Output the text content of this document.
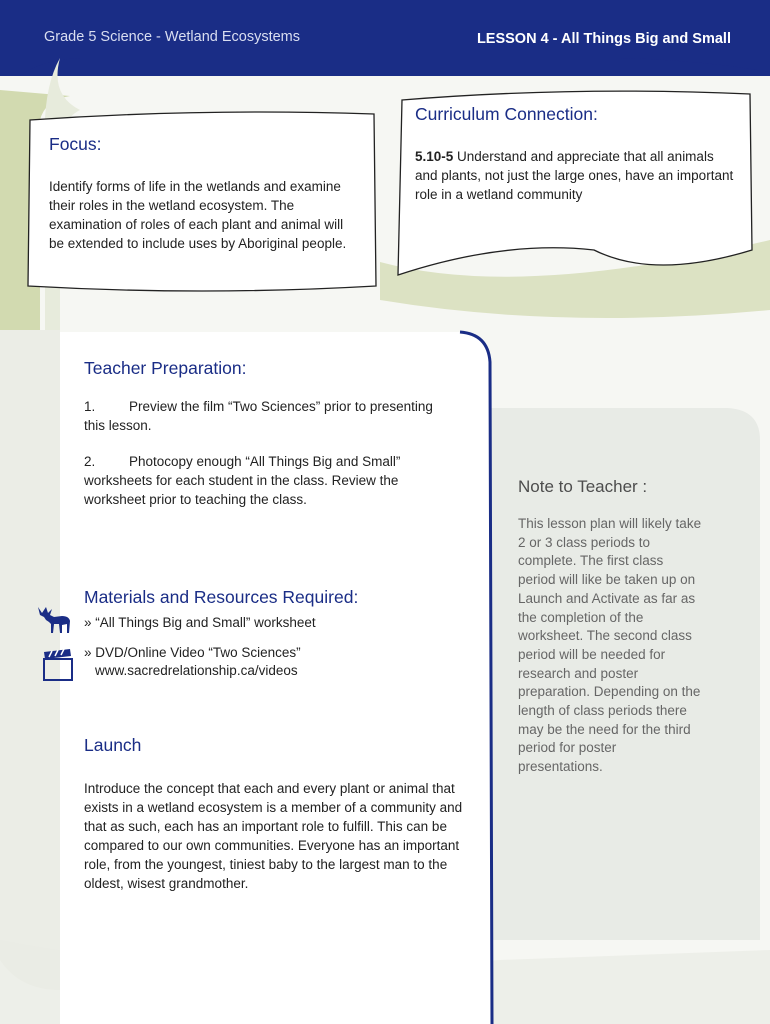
Grade 5 Science - Wetland Ecosystems	LESSON 4 - All Things Big and Small
Focus:
Identify forms of life in the wetlands and examine their roles in the wetland ecosystem. The examination of roles of each plant and animal will be extended to include uses by Aboriginal people.
Curriculum Connection:
5.10-5 Understand and appreciate that all animals and plants, not just the large ones, have an important role in a wetland community
Teacher Preparation:
1.	Preview the film “Two Sciences” prior to presenting
this lesson.
2.	Photocopy enough “All Things Big and Small”
worksheets for each student in the class. Review the worksheet prior to teaching the class.
Materials and Resources Required:
» “All Things Big and Small” worksheet
» DVD/Online Video “Two Sciences”
www.sacredrelationship.ca/videos
Launch
Introduce the concept that each and every plant or animal that exists in a wetland ecosystem is a member of a community and that as such, each has an important role to fulfill. This can be compared to our own communities. Everyone has an important role, from the youngest, tiniest baby to the largest man to the oldest, wisest grandmother.
Note to Teacher :
This lesson plan will likely take 2 or 3 class periods to complete. The first class period will like be taken up on Launch and Activate as far as the completion of the worksheet. The second class period will be needed for research and poster preparation. Depending on the length of class periods there may be the need for the third period for poster presentations.
